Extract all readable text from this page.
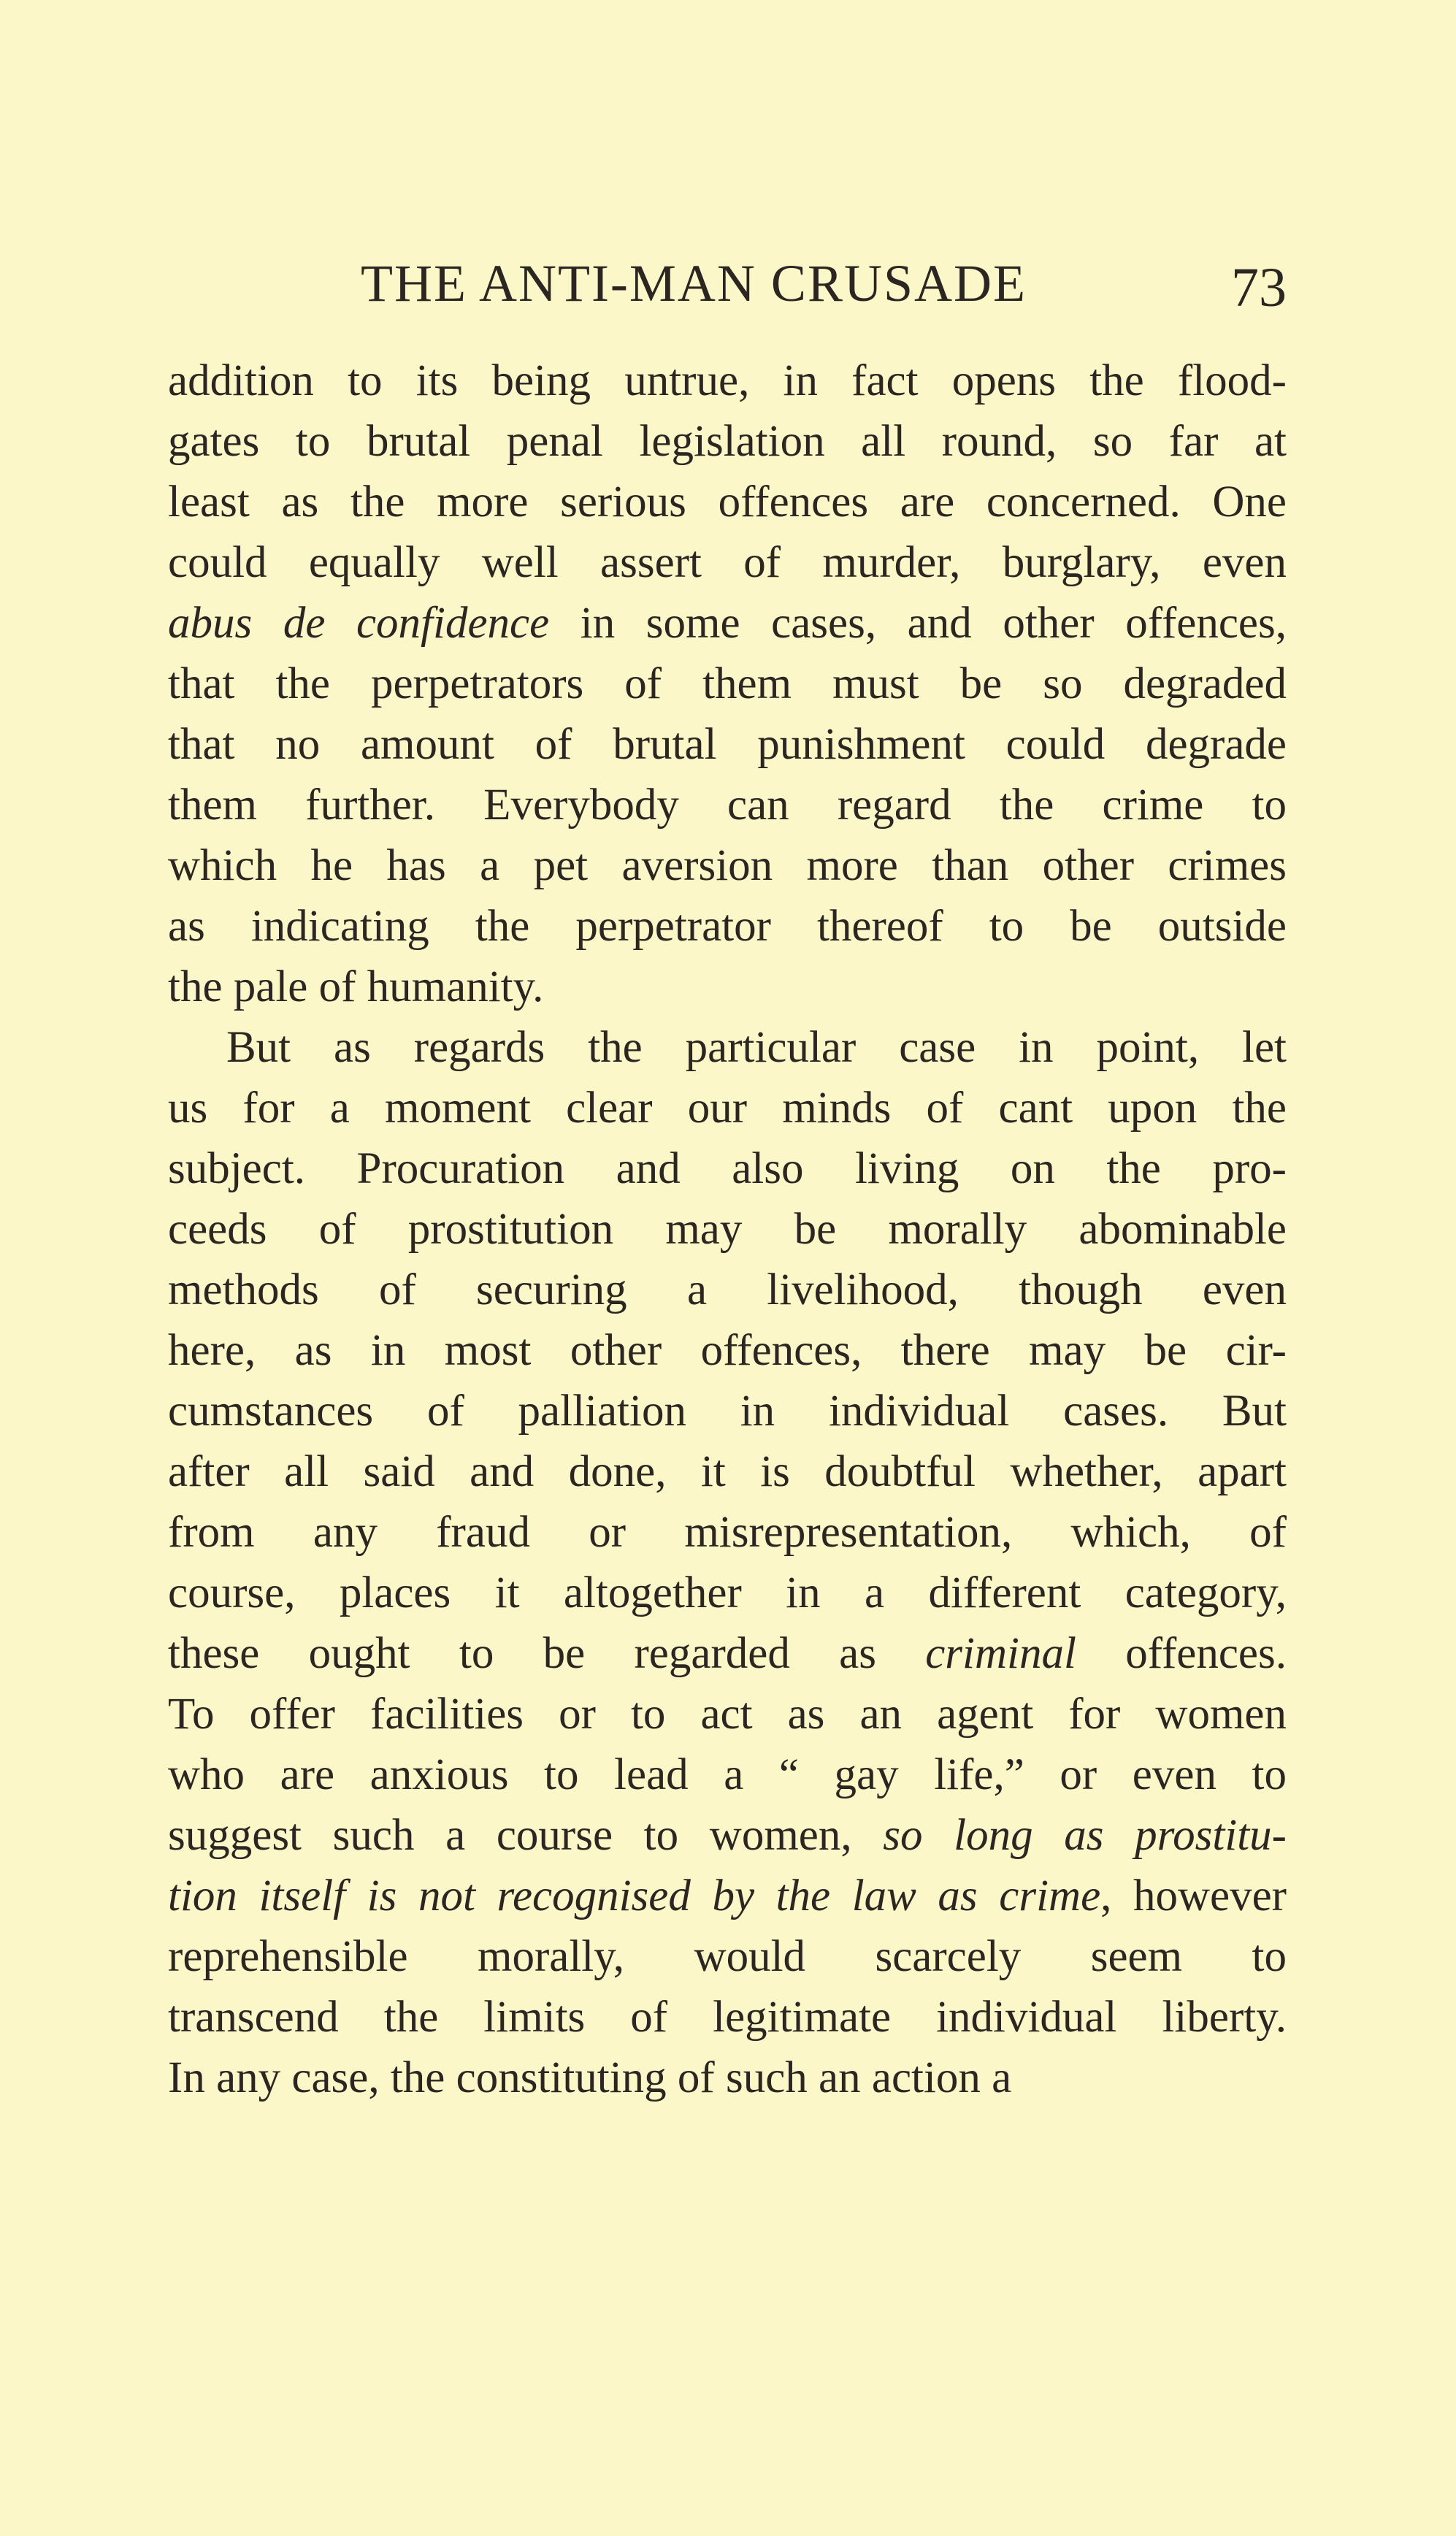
THE ANTI-MAN CRUSADE	73
addition to its being untrue, in fact opens the flood-
gates to brutal penal legislation all round, so far at
least as the more serious offences are concerned. One
could equally well assert of murder, burglary, even
abus de confidence in some cases, and other offences,
that the perpetrators of them must be so degraded
that no amount of brutal punishment could degrade
them further. Everybody can regard the crime to
which he has a pet aversion more than other crimes
as indicating the perpetrator thereof to be outside
the pale of humanity.
But as regards the particular case in point, let
us for a moment clear our minds of cant upon the
subject. Procuration and also living on the pro-
ceeds of prostitution may be morally abominable
methods of securing a livelihood, though even
here, as in most other offences, there may be cir-
cumstances of palliation in individual cases. But
after all said and done, it is doubtful whether, apart
from any fraud or misrepresentation, which, of
course, places it altogether in a different category,
these ought to be regarded as criminal offences.
To offer facilities or to act as an agent for women
who are anxious to lead a “ gay life,” or even to
suggest such a course to women, so long as prostitu-
tion itself is not recognised by the law as crime, however
reprehensible morally, would scarcely seem to
transcend the limits of legitimate individual liberty.
In any case, the constituting of such an action a
